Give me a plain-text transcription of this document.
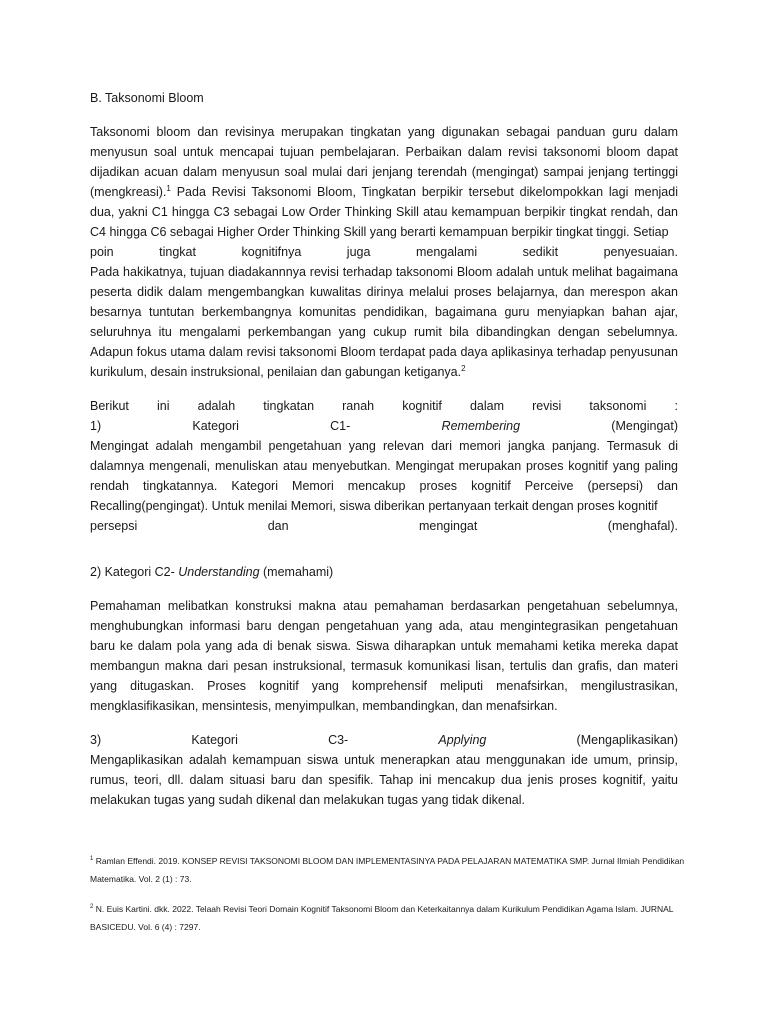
B. Taksonomi Bloom
Taksonomi bloom dan revisinya merupakan tingkatan yang digunakan sebagai panduan guru dalam menyusun soal untuk mencapai tujuan pembelajaran. Perbaikan dalam revisi taksonomi bloom dapat dijadikan acuan dalam menyusun soal mulai dari jenjang terendah (mengingat) sampai jenjang tertinggi (mengkreasi).$^1$ Pada Revisi Taksonomi Bloom, Tingkatan berpikir tersebut dikelompokkan lagi menjadi dua, yakni C1 hingga C3 sebagai Low Order Thinking Skill atau kemampuan berpikir tingkat rendah, dan C4 hingga C6 sebagai Higher Order Thinking Skill yang berarti kemampuan berpikir tingkat tinggi. Setiap
poin	tingkat	kognitifnya	juga	mengalami	sedikit	penyesuaian.
Pada hakikatnya, tujuan diadakannnya revisi terhadap taksonomi Bloom adalah untuk melihat bagaimana peserta didik dalam mengembangkan kuwalitas dirinya melalui proses belajarnya, dan merespon akan besarnya tuntutan berkembangnya komunitas pendidikan, bagaimana guru menyiapkan bahan ajar, seluruhnya itu mengalami perkembangan yang cukup rumit bila dibandingkan dengan sebelumnya. Adapun fokus utama dalam revisi taksonomi Bloom terdapat pada daya aplikasinya terhadap penyusunan kurikulum, desain instruksional, penilaian dan gabungan ketiganya.$^2$
Berikut ini adalah tingkatan ranah kognitif dalam revisi taksonomi :
1)	Kategori	C1-	Remembering	(Mengingat)
Mengingat adalah mengambil pengetahuan yang relevan dari memori jangka panjang. Termasuk di dalamnya mengenali, menuliskan atau menyebutkan. Mengingat merupakan proses kognitif yang paling rendah tingkatannya. Kategori Memori mencakup proses kognitif Perceive (persepsi) dan Recalling(pengingat). Untuk menilai Memori, siswa diberikan pertanyaan terkait dengan proses kognitif
persepsi	dan	mengingat	(menghafal).
2) Kategori C2- Understanding (memahami)
Pemahaman melibatkan konstruksi makna atau pemahaman berdasarkan pengetahuan sebelumnya, menghubungkan informasi baru dengan pengetahuan yang ada, atau mengintegrasikan pengetahuan baru ke dalam pola yang ada di benak siswa. Siswa diharapkan untuk memahami ketika mereka dapat membangun makna dari pesan instruksional, termasuk komunikasi lisan, tertulis dan grafis, dan materi yang ditugaskan. Proses kognitif yang komprehensif meliputi menafsirkan, mengilustrasikan, mengklasifikasikan, mensintesis, menyimpulkan, membandingkan, dan menafsirkan.
3)	Kategori	C3-	Applying	(Mengaplikasikan)
Mengaplikasikan adalah kemampuan siswa untuk menerapkan atau menggunakan ide umum, prinsip, rumus, teori, dll. dalam situasi baru dan spesifik. Tahap ini mencakup dua jenis proses kognitif, yaitu melakukan tugas yang sudah dikenal dan melakukan tugas yang tidak dikenal.
$^1$ Ramlan Effendi. 2019. KONSEP REVISI TAKSONOMI BLOOM DAN IMPLEMENTASINYA PADA PELAJARAN MATEMATIKA SMP. Jurnal Ilmiah Pendidikan Matematika. Vol. 2 (1) : 73.
$^2$ N. Euis Kartini. dkk. 2022. Telaah Revisi Teori Domain Kognitif Taksonomi Bloom dan Keterkaitannya dalam Kurikulum Pendidikan Agama Islam. JURNAL BASICEDU. Vol. 6 (4) : 7297.
